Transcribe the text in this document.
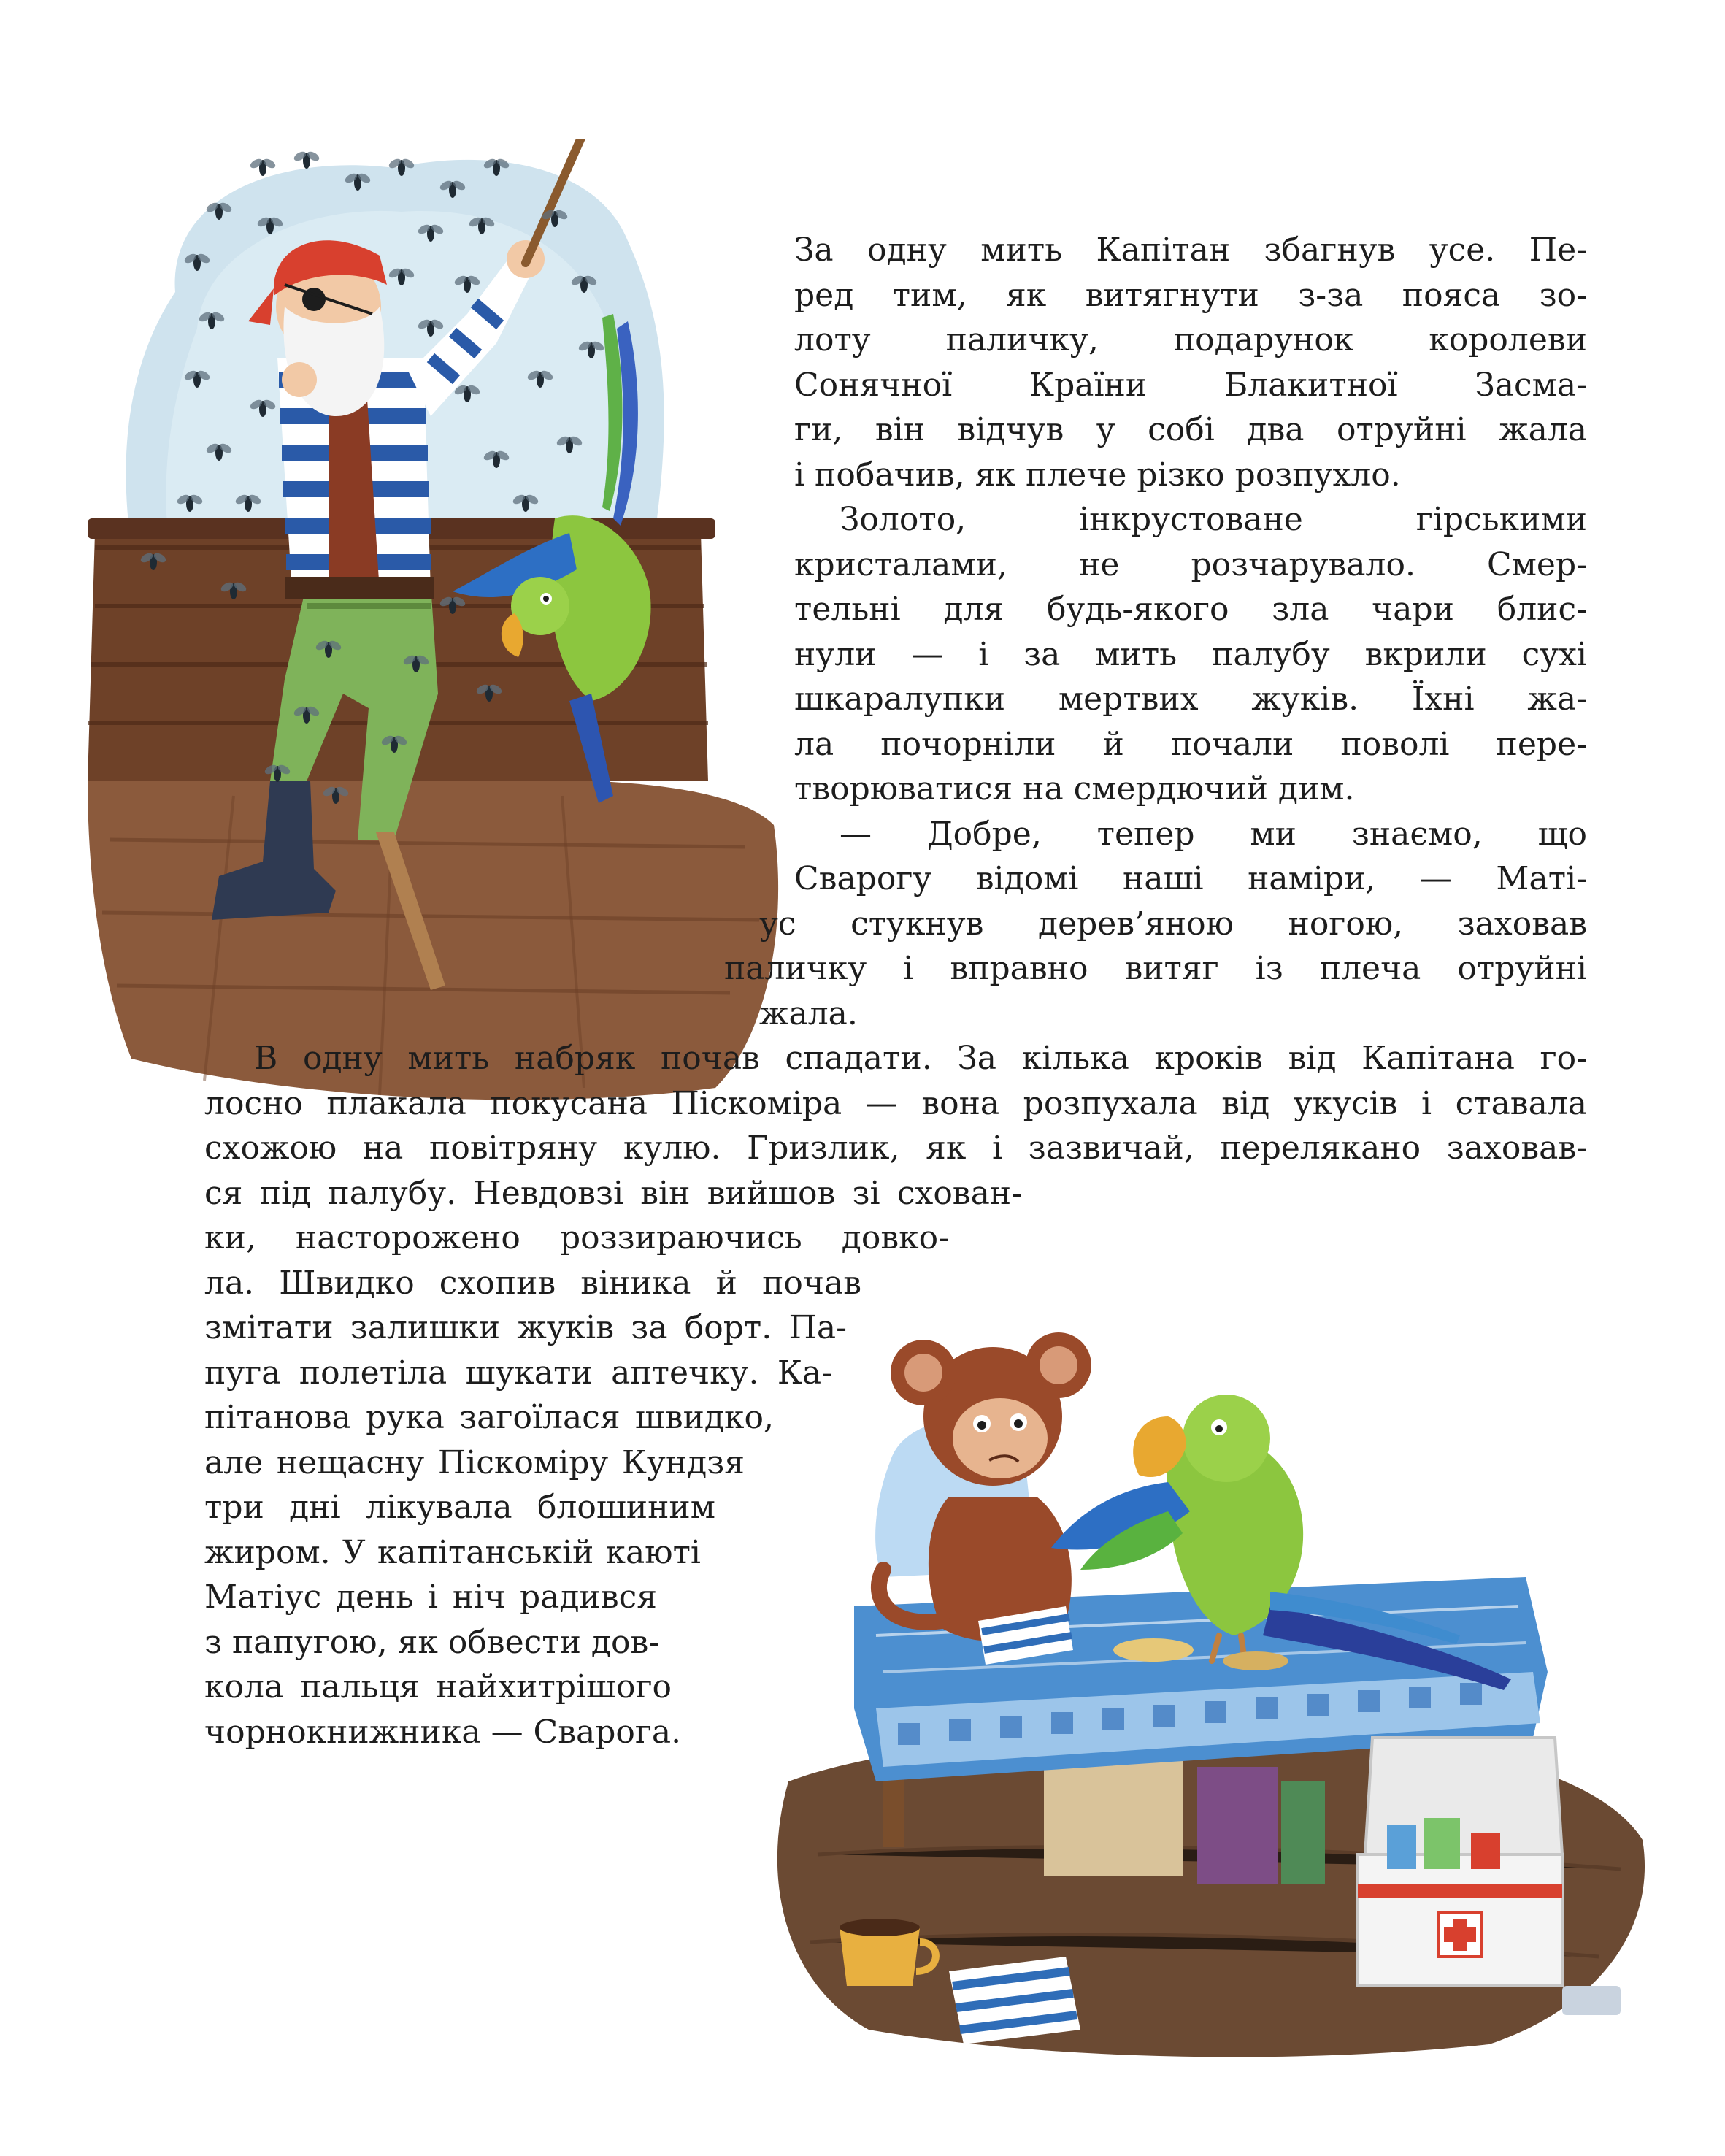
За одну мить Капітан збагнув усе. Пе-
ред тим, як витягнути з-за пояса зо-
лоту паличку, подарунок королеви
Сонячної Країни Блакитної Засма-
ги, він відчув у собі два отруйні жала
і побачив, як плече різко розпухло.
Золото, інкрустоване гірськими
кристалами, не розчарувало. Смер-
тельні для будь-якого зла чари блис-
нули — і за мить палубу вкрили сухі
шкаралупки мертвих жуків. Їхні жа-
ла почорніли й почали поволі пере-
творюватися на смердючий дим.
— Добре, тепер ми знаємо, що
Сварогу відомі наші наміри, — Маті-
ус стукнув дерев’яною ногою, заховав
паличку і вправно витяг із плеча отруйні
жала.
В одну мить набряк почав спадати. За кілька кроків від Капітана го-
лосно плакала покусана Піскоміра — вона розпухала від укусів і ставала
схожою на повітряну кулю. Гризлик, як і зазвичай, перелякано заховав-
ся під палубу. Невдовзі він вийшов зі схован-
ки, насторожено роззираючись довко-
ла. Швидко схопив віника й почав
змітати залишки жуків за борт. Па-
пуга полетіла шукати аптечку. Ка-
пітанова рука загоїлася швидко,
але нещасну Піскоміру Кундзя
три дні лікувала блошиним
жиром. У капітанській каюті
Матіус день і ніч радився
з папугою, як обвести дов-
кола пальця найхитрішого
чорнокнижника — Сварога.
